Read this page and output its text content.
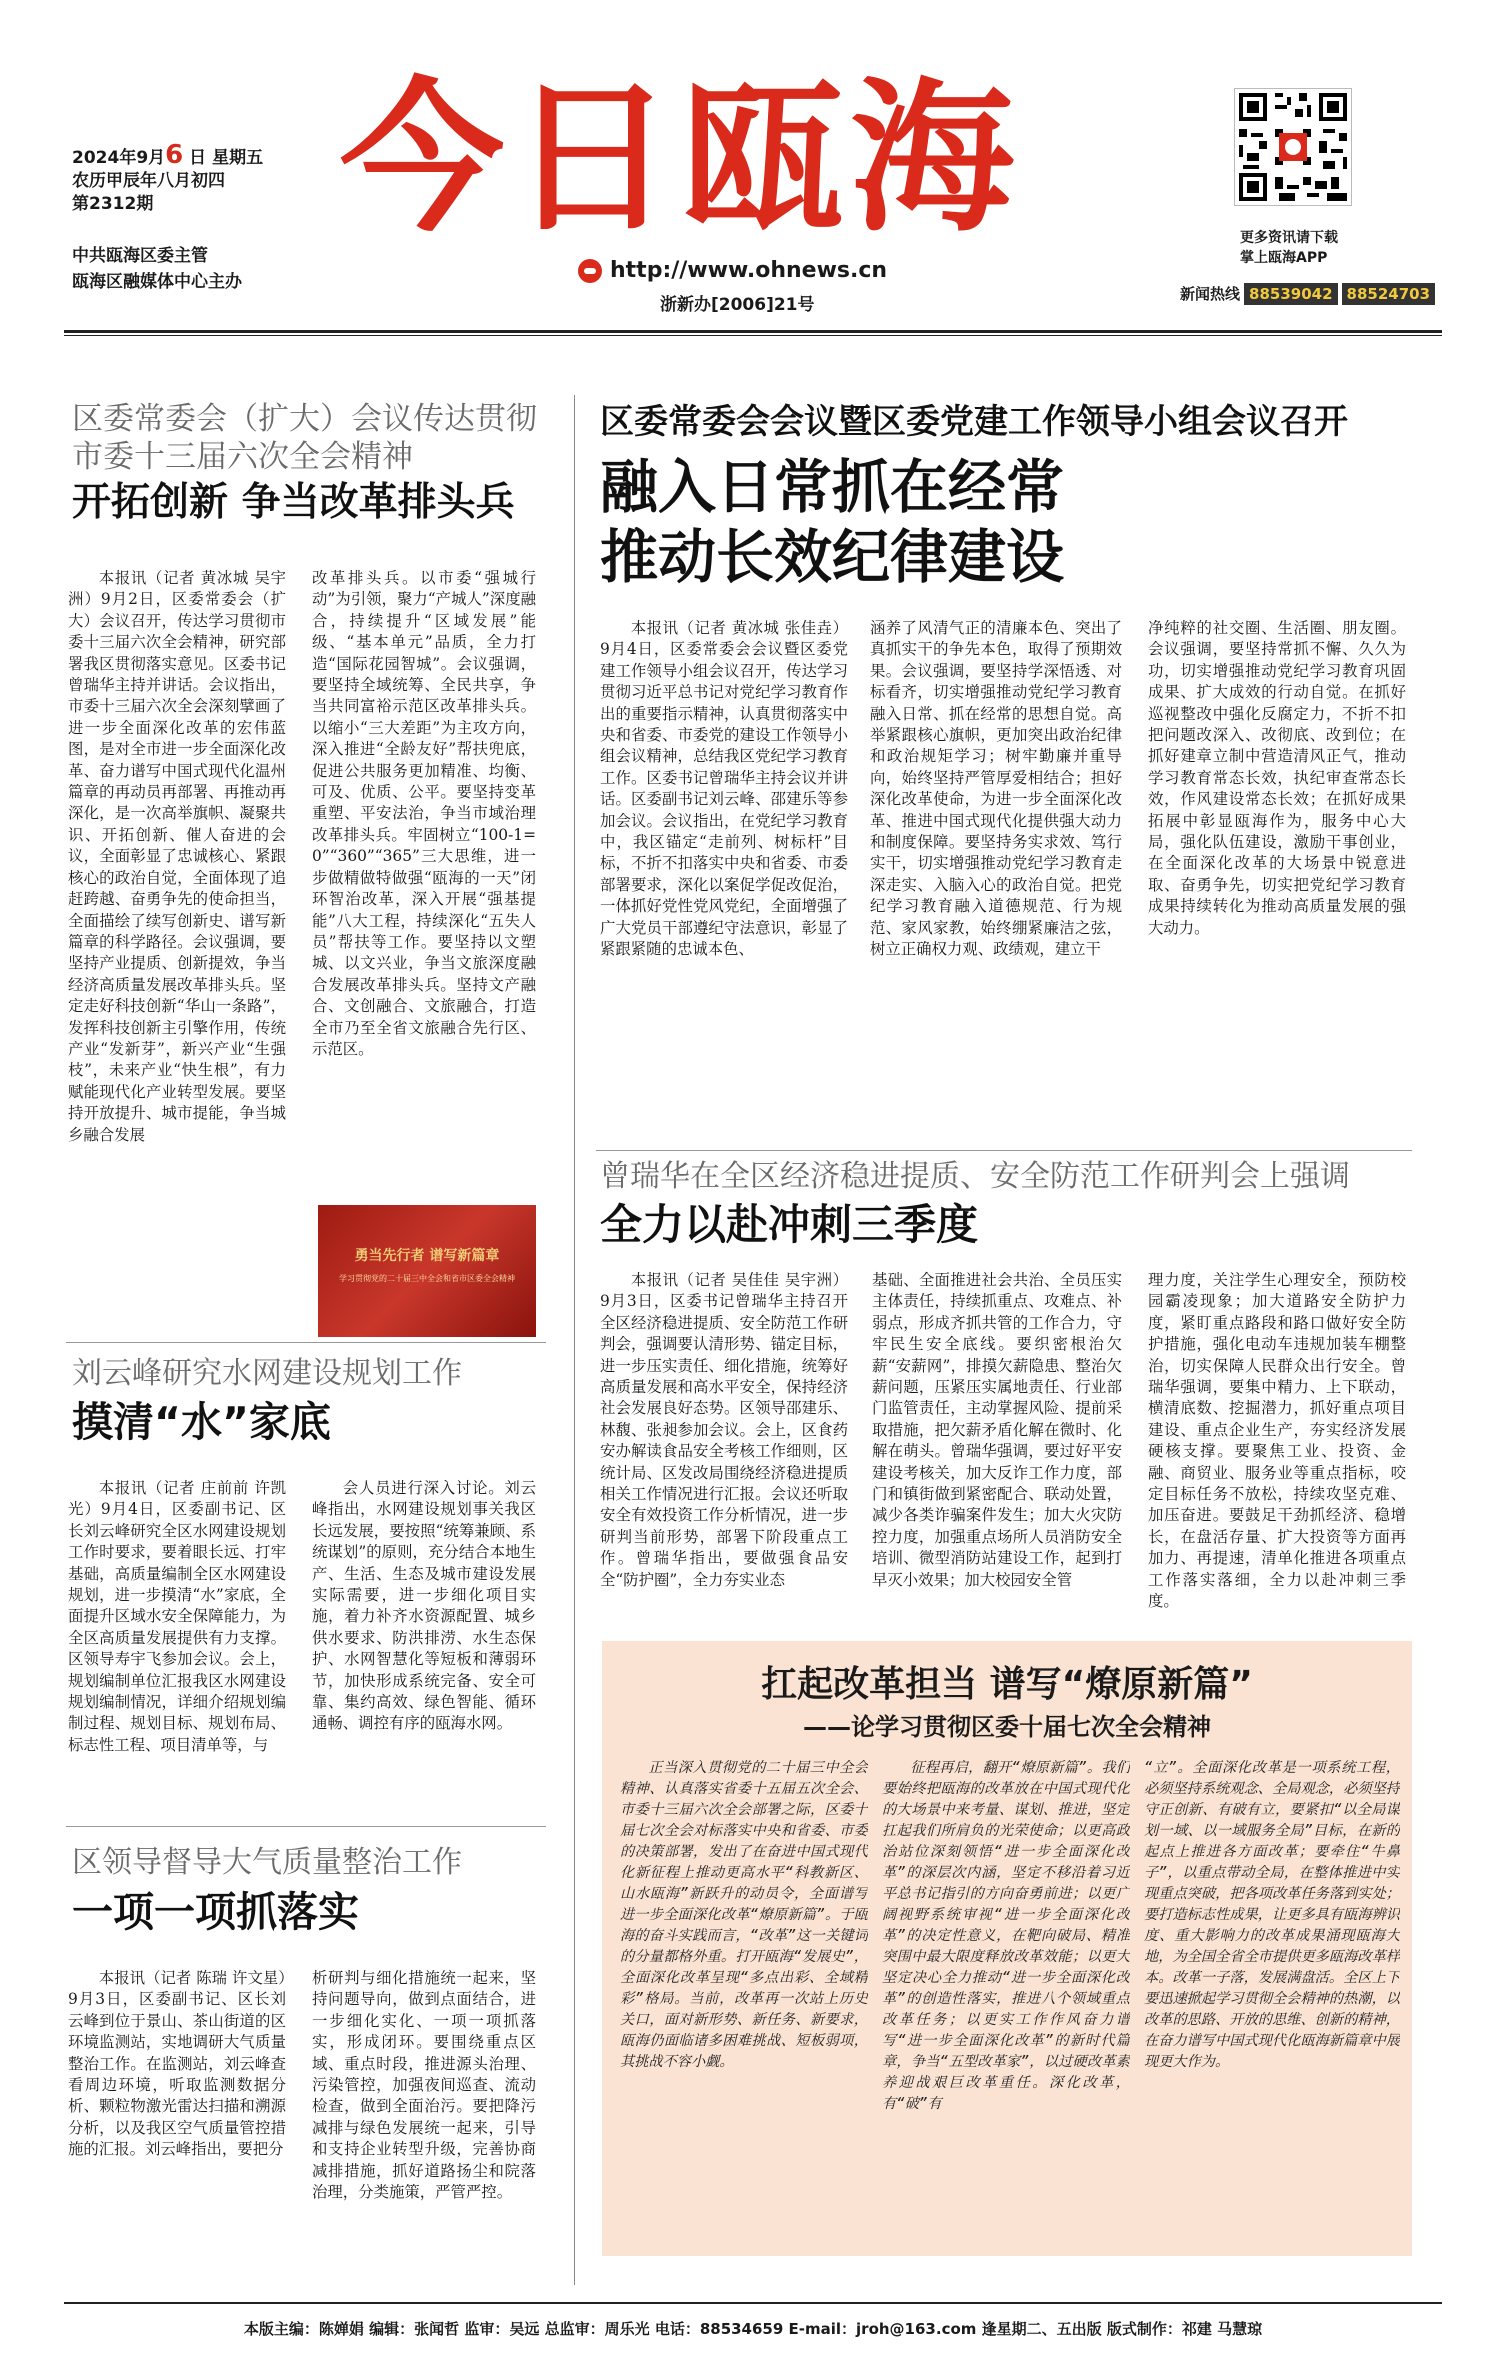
2024年9月6 日 星期五
农历甲辰年八月初四
第2312期
中共瓯海区委主管
瓯海区融媒体中心主办
今日瓯海
http://www.ohnews.cn
浙新办[2006]21号
更多资讯请下载
掌上瓯海APP
新闻热线 88539042 88524703
区委常委会（扩大）会议传达贯彻
市委十三届六次全会精神
开拓创新 争当改革排头兵
本报讯（记者 黄冰城 吴宇洲）9月2日，区委常委会（扩大）会议召开，传达学习贯彻市委十三届六次全会精神，研究部署我区贯彻落实意见。区委书记曾瑞华主持并讲话。会议指出，市委十三届六次全会深刻擘画了进一步全面深化改革的宏伟蓝图，是对全市进一步全面深化改革、奋力谱写中国式现代化温州篇章的再动员再部署、再推动再深化，是一次高举旗帜、凝聚共识、开拓创新、催人奋进的会议，全面彰显了忠诚核心、紧跟核心的政治自觉，全面体现了追赶跨越、奋勇争先的使命担当，全面描绘了续写创新史、谱写新篇章的科学路径。会议强调，要坚持产业提质、创新提效，争当经济高质量发展改革排头兵。坚定走好科技创新“华山一条路”，发挥科技创新主引擎作用，传统产业“发新芽”，新兴产业“生强枝”，未来产业“快生根”，有力赋能现代化产业转型发展。要坚持开放提升、城市提能，争当城乡融合发展
改革排头兵。以市委“强城行动”为引领，聚力“产城人”深度融合，持续提升“区域发展”能级、“基本单元”品质，全力打造“国际花园智城”。会议强调，要坚持全域统筹、全民共享，争当共同富裕示范区改革排头兵。以缩小“三大差距”为主攻方向，深入推进“全龄友好”帮扶兜底，促进公共服务更加精准、均衡、可及、优质、公平。要坚持变革重塑、平安法治，争当市域治理改革排头兵。牢固树立“100-1=0”“360”“365”三大思维，进一步做精做特做强“瓯海的一天”闭环智治改革，深入开展“强基提能”八大工程，持续深化“五失人员”帮扶等工作。要坚持以文塑城、以文兴业，争当文旅深度融合发展改革排头兵。坚持文产融合、文创融合、文旅融合，打造全市乃至全省文旅融合先行区、示范区。
勇当先行者 谱写新篇章
学习贯彻党的二十届三中全会和省市区委全会精神
刘云峰研究水网建设规划工作
摸清“水”家底
本报讯（记者 庄前前 许凯光）9月4日，区委副书记、区长刘云峰研究全区水网建设规划工作时要求，要着眼长远、打牢基础，高质量编制全区水网建设规划，进一步摸清“水”家底，全面提升区域水安全保障能力，为全区高质量发展提供有力支撑。区领导寿宇飞参加会议。会上，规划编制单位汇报我区水网建设规划编制情况，详细介绍规划编制过程、规划目标、规划布局、标志性工程、项目清单等，与
会人员进行深入讨论。刘云峰指出，水网建设规划事关我区长远发展，要按照“统筹兼顾、系统谋划”的原则，充分结合本地生产、生活、生态及城市建设发展实际需要，进一步细化项目实施，着力补齐水资源配置、城乡供水要求、防洪排涝、水生态保护、水网智慧化等短板和薄弱环节，加快形成系统完备、安全可靠、集约高效、绿色智能、循环通畅、调控有序的瓯海水网。
区领导督导大气质量整治工作
一项一项抓落实
本报讯（记者 陈瑞 许文星）9月3日，区委副书记、区长刘云峰到位于景山、茶山街道的区环境监测站，实地调研大气质量整治工作。在监测站，刘云峰查看周边环境，听取监测数据分析、颗粒物激光雷达扫描和溯源分析，以及我区空气质量管控措施的汇报。刘云峰指出，要把分
析研判与细化措施统一起来，坚持问题导向，做到点面结合，进一步细化实化、一项一项抓落实，形成闭环。要围绕重点区域、重点时段，推进源头治理、污染管控，加强夜间巡查、流动检查，做到全面治污。要把降污减排与绿色发展统一起来，引导和支持企业转型升级，完善协商减排措施，抓好道路扬尘和院落治理，分类施策，严管严控。
区委常委会会议暨区委党建工作领导小组会议召开
融入日常抓在经常
推动长效纪律建设
本报讯（记者 黄冰城 张佳垚）9月4日，区委常委会会议暨区委党建工作领导小组会议召开，传达学习贯彻习近平总书记对党纪学习教育作出的重要指示精神，认真贯彻落实中央和省委、市委党的建设工作领导小组会议精神，总结我区党纪学习教育工作。区委书记曾瑞华主持会议并讲话。区委副书记刘云峰、邵建乐等参加会议。会议指出，在党纪学习教育中，我区锚定“走前列、树标杆”目标，不折不扣落实中央和省委、市委部署要求，深化以案促学促改促治，一体抓好党性党风党纪，全面增强了广大党员干部遵纪守法意识，彰显了紧跟紧随的忠诚本色、
涵养了风清气正的清廉本色、突出了真抓实干的争先本色，取得了预期效果。会议强调，要坚持学深悟透、对标看齐，切实增强推动党纪学习教育融入日常、抓在经常的思想自觉。高举紧跟核心旗帜，更加突出政治纪律和政治规矩学习；树牢勤廉并重导向，始终坚持严管厚爱相结合；担好深化改革使命，为进一步全面深化改革、推进中国式现代化提供强大动力和制度保障。要坚持务实求效、笃行实干，切实增强推动党纪学习教育走深走实、入脑入心的政治自觉。把党纪学习教育融入道德规范、行为规范、家风家教，始终绷紧廉洁之弦，树立正确权力观、政绩观，建立干
净纯粹的社交圈、生活圈、朋友圈。会议强调，要坚持常抓不懈、久久为功，切实增强推动党纪学习教育巩固成果、扩大成效的行动自觉。在抓好巡视整改中强化反腐定力，不折不扣把问题改深入、改彻底、改到位；在抓好建章立制中营造清风正气，推动学习教育常态长效，执纪审查常态长效，作风建设常态长效；在抓好成果拓展中彰显瓯海作为，服务中心大局，强化队伍建设，激励干事创业，在全面深化改革的大场景中锐意进取、奋勇争先，切实把党纪学习教育成果持续转化为推动高质量发展的强大动力。
曾瑞华在全区经济稳进提质、安全防范工作研判会上强调
全力以赴冲刺三季度
本报讯（记者 吴佳佳 吴宇洲）9月3日，区委书记曾瑞华主持召开全区经济稳进提质、安全防范工作研判会，强调要认清形势、锚定目标，进一步压实责任、细化措施，统筹好高质量发展和高水平安全，保持经济社会发展良好态势。区领导邵建乐、林馥、张昶参加会议。会上，区食药安办解读食品安全考核工作细则，区统计局、区发改局围绕经济稳进提质相关工作情况进行汇报。会议还听取安全有效投资工作分析情况，进一步研判当前形势，部署下阶段重点工作。曾瑞华指出，要做强食品安全“防护圈”，全力夯实业态
基础、全面推进社会共治、全员压实主体责任，持续抓重点、攻难点、补弱点，形成齐抓共管的工作合力，守牢民生安全底线。要织密根治欠薪“安薪网”，排摸欠薪隐患、整治欠薪问题，压紧压实属地责任、行业部门监管责任，主动掌握风险、提前采取措施，把欠薪矛盾化解在微时、化解在萌头。曾瑞华强调，要过好平安建设考核关，加大反诈工作力度，部门和镇街做到紧密配合、联动处置，减少各类诈骗案件发生；加大火灾防控力度，加强重点场所人员消防安全培训、微型消防站建设工作，起到打早灭小效果；加大校园安全管
理力度，关注学生心理安全，预防校园霸凌现象；加大道路安全防护力度，紧盯重点路段和路口做好安全防护措施，强化电动车违规加装车棚整治，切实保障人民群众出行安全。曾瑞华强调，要集中精力、上下联动，横清底数、挖掘潜力，抓好重点项目建设、重点企业生产，夯实经济发展硬核支撑。要聚焦工业、投资、金融、商贸业、服务业等重点指标，咬定目标任务不放松，持续攻坚克难、加压奋进。要鼓足干劲抓经济、稳增长，在盘活存量、扩大投资等方面再加力、再提速，清单化推进各项重点工作落实落细，全力以赴冲刺三季度。
扛起改革担当 谱写“燎原新篇”
——论学习贯彻区委十届七次全会精神
正当深入贯彻党的二十届三中全会精神、认真落实省委十五届五次全会、市委十三届六次全会部署之际，区委十届七次全会对标落实中央和省委、市委的决策部署，发出了在奋进中国式现代化新征程上推动更高水平“科教新区、山水瓯海”新跃升的动员令，全面谱写进一步全面深化改革“燎原新篇”。于瓯海的奋斗实践而言，“改革”这一关键词的分量都格外重。打开瓯海“发展史”，全面深化改革呈现“多点出彩、全域精彩”格局。当前，改革再一次站上历史关口，面对新形势、新任务、新要求，瓯海仍面临诸多困难挑战、短板弱项，其挑战不容小觑。
征程再启，翻开“燎原新篇”。我们要始终把瓯海的改革放在中国式现代化的大场景中来考量、谋划、推进，坚定扛起我们所肩负的光荣使命；以更高政治站位深刻领悟“进一步全面深化改革”的深层次内涵，坚定不移沿着习近平总书记指引的方向奋勇前进；以更广阔视野系统审视“进一步全面深化改革”的决定性意义，在靶向破局、精准突围中最大限度释放改革效能；以更大坚定决心全力推动“进一步全面深化改革”的创造性落实，推进八个领域重点改革任务；以更实工作作风奋力谱写“进一步全面深化改革”的新时代篇章，争当“五型改革家”，以过硬改革素养迎战艰巨改革重任。深化改革，有“破”有
“立”。全面深化改革是一项系统工程，必须坚持系统观念、全局观念，必须坚持守正创新、有破有立，要紧扣“以全局谋划一域、以一域服务全局”目标，在新的起点上推进各方面改革；要牵住“牛鼻子”，以重点带动全局，在整体推进中实现重点突破，把各项改革任务落到实处；要打造标志性成果，让更多具有瓯海辨识度、重大影响力的改革成果涌现瓯海大地，为全国全省全市提供更多瓯海改革样本。改革一子落，发展满盘活。全区上下要迅速掀起学习贯彻全会精神的热潮，以改革的思路、开放的思维、创新的精神，在奋力谱写中国式现代化瓯海新篇章中展现更大作为。
本版主编：陈婵娟 编辑：张闻哲 监审：吴远 总监审：周乐光 电话：88534659 E-mail：jroh@163.com 逢星期二、五出版 版式制作：祁建 马慧琼
